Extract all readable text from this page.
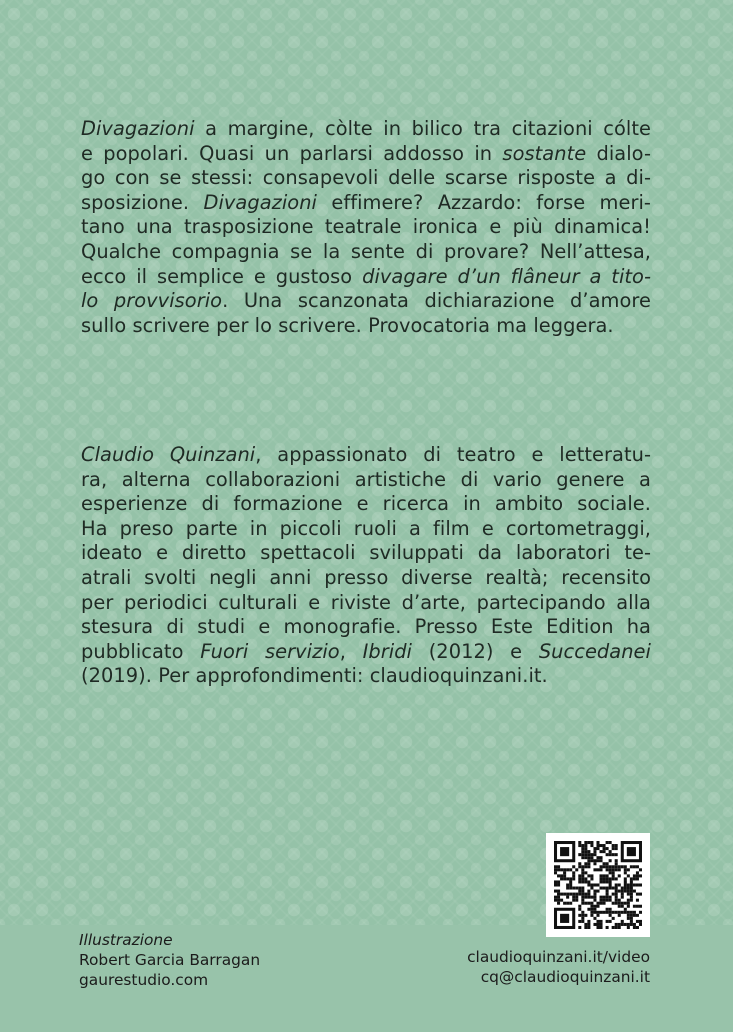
Divagazioni a margine, còlte in bilico tra citazioni cólte
e popolari. Quasi un parlarsi addosso in sostante dialo-
go con se stessi: consapevoli delle scarse risposte a di-
sposizione. Divagazioni effimere? Azzardo: forse meri-
tano una trasposizione teatrale ironica e più dinamica!
Qualche compagnia se la sente di provare? Nell’attesa,
ecco il semplice e gustoso divagare d’un flâneur a tito-
lo provvisorio. Una scanzonata dichiarazione d’amore
sullo scrivere per lo scrivere. Provocatoria ma leggera.
Claudio Quinzani, appassionato di teatro e letteratu-
ra, alterna collaborazioni artistiche di vario genere a
esperienze di formazione e ricerca in ambito sociale.
Ha preso parte in piccoli ruoli a film e cortometraggi,
ideato e diretto spettacoli sviluppati da laboratori te-
atrali svolti negli anni presso diverse realtà; recensito
per periodici culturali e riviste d’arte, partecipando alla
stesura di studi e monografie. Presso Este Edition ha
pubblicato Fuori servizio, Ibridi (2012) e Succedanei
(2019). Per approfondimenti: claudioquinzani.it.
Illustrazione
Robert Garcia Barragan
gaurestudio.com
claudioquinzani.it/video
cq@claudioquinzani.it
